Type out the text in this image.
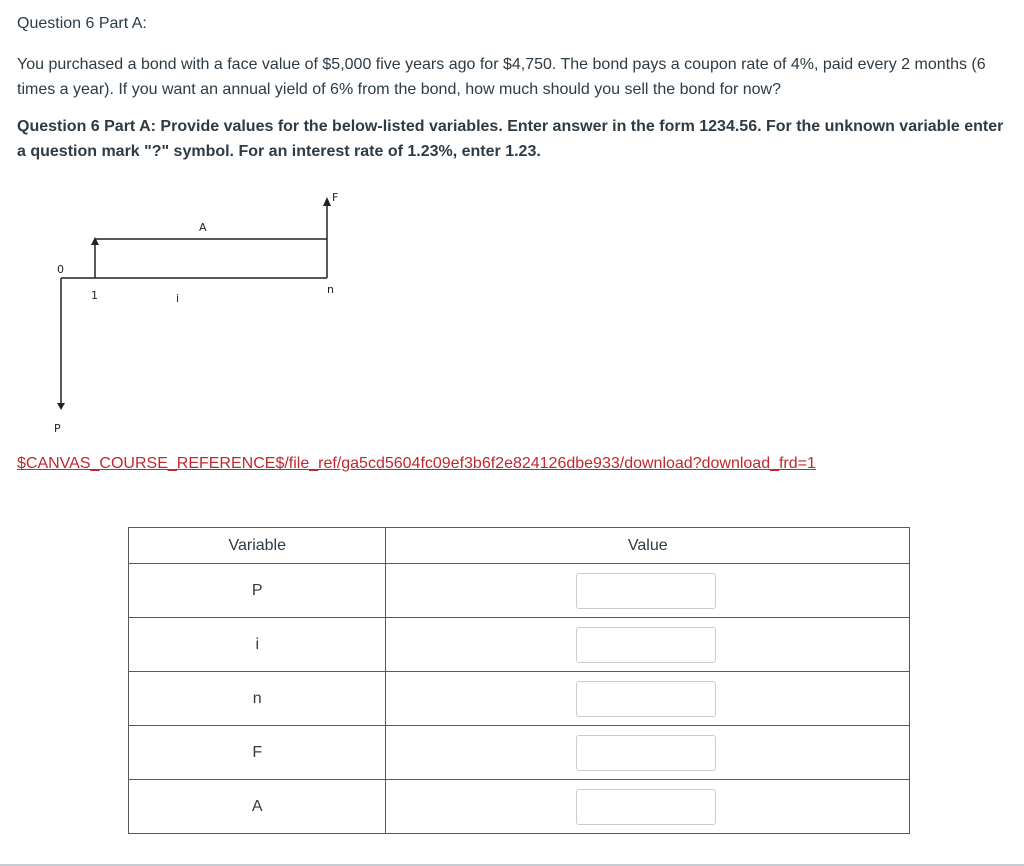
Question 6 Part A:
You purchased a bond with a face value of $5,000 five years ago for $4,750. The bond pays a coupon rate of 4%, paid every 2 months (6 times a year). If you want an annual yield of 6% from the bond, how much should you sell the bond for now?
Question 6 Part A: Provide values for the below-listed variables. Enter answer in the form 1234.56. For the unknown variable enter a question mark "?" symbol. For an interest rate of 1.23%, enter 1.23.
0
1	i
A
F
n
P
$CANVAS_COURSE_REFERENCE$/file_ref/ga5cd5604fc09ef3b6f2e824126dbe933/download?download_frd=1
Variable	Value
P	

i	

n	

F	

A	
